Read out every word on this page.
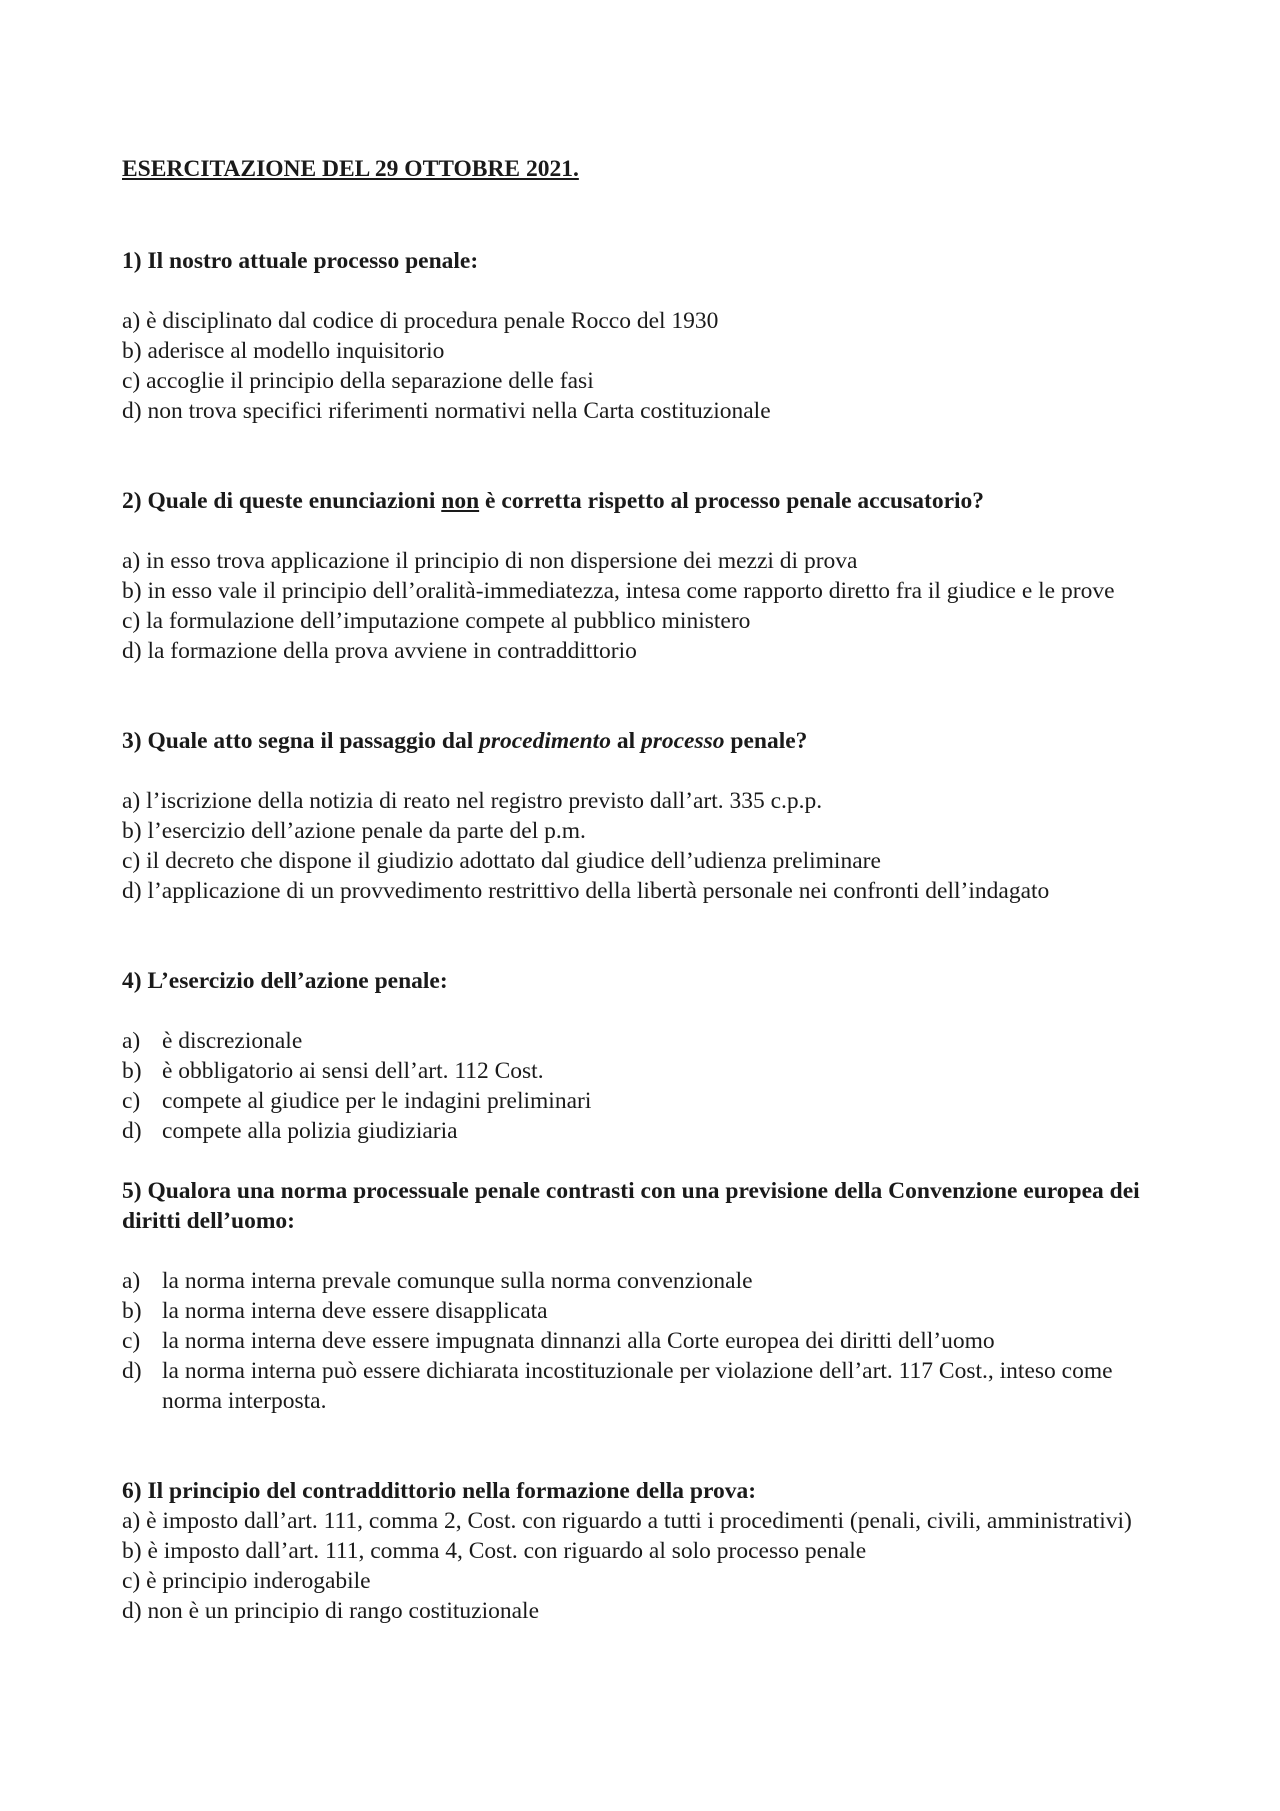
ESERCITAZIONE DEL 29 OTTOBRE 2021.

1) Il nostro attuale processo penale:

a) è disciplinato dal codice di procedura penale Rocco del 1930
b) aderisce al modello inquisitorio
c) accoglie il principio della separazione delle fasi
d) non trova specifici riferimenti normativi nella Carta costituzionale

2) Quale di queste enunciazioni non è corretta rispetto al processo penale accusatorio?

a) in esso trova applicazione il principio di non dispersione dei mezzi di prova
b) in esso vale il principio dell’oralità-immediatezza, intesa come rapporto diretto fra il giudice e le prove
c) la formulazione dell’imputazione compete al pubblico ministero
d) la formazione della prova avviene in contraddittorio

3) Quale atto segna il passaggio dal procedimento al processo penale?

a) l’iscrizione della notizia di reato nel registro previsto dall’art. 335 c.p.p.
b) l’esercizio dell’azione penale da parte del p.m.
c) il decreto che dispone il giudizio adottato dal giudice dell’udienza preliminare
d) l’applicazione di un provvedimento restrittivo della libertà personale nei confronti dell’indagato

4) L’esercizio dell’azione penale:

a) è discrezionale
b) è obbligatorio ai sensi dell’art. 112 Cost.
c) compete al giudice per le indagini preliminari
d) compete alla polizia giudiziaria

5) Qualora una norma processuale penale contrasti con una previsione della Convenzione europea dei diritti dell’uomo:

a) la norma interna prevale comunque sulla norma convenzionale
b) la norma interna deve essere disapplicata
c) la norma interna deve essere impugnata dinnanzi alla Corte europea dei diritti dell’uomo
d) la norma interna può essere dichiarata incostituzionale per violazione dell’art. 117 Cost., inteso come norma interposta.

6) Il principio del contraddittorio nella formazione della prova:

a) è imposto dall’art. 111, comma 2, Cost. con riguardo a tutti i procedimenti (penali, civili, amministrativi)
b) è imposto dall’art. 111, comma 4, Cost. con riguardo al solo processo penale
c) è principio inderogabile
d) non è un principio di rango costituzionale
